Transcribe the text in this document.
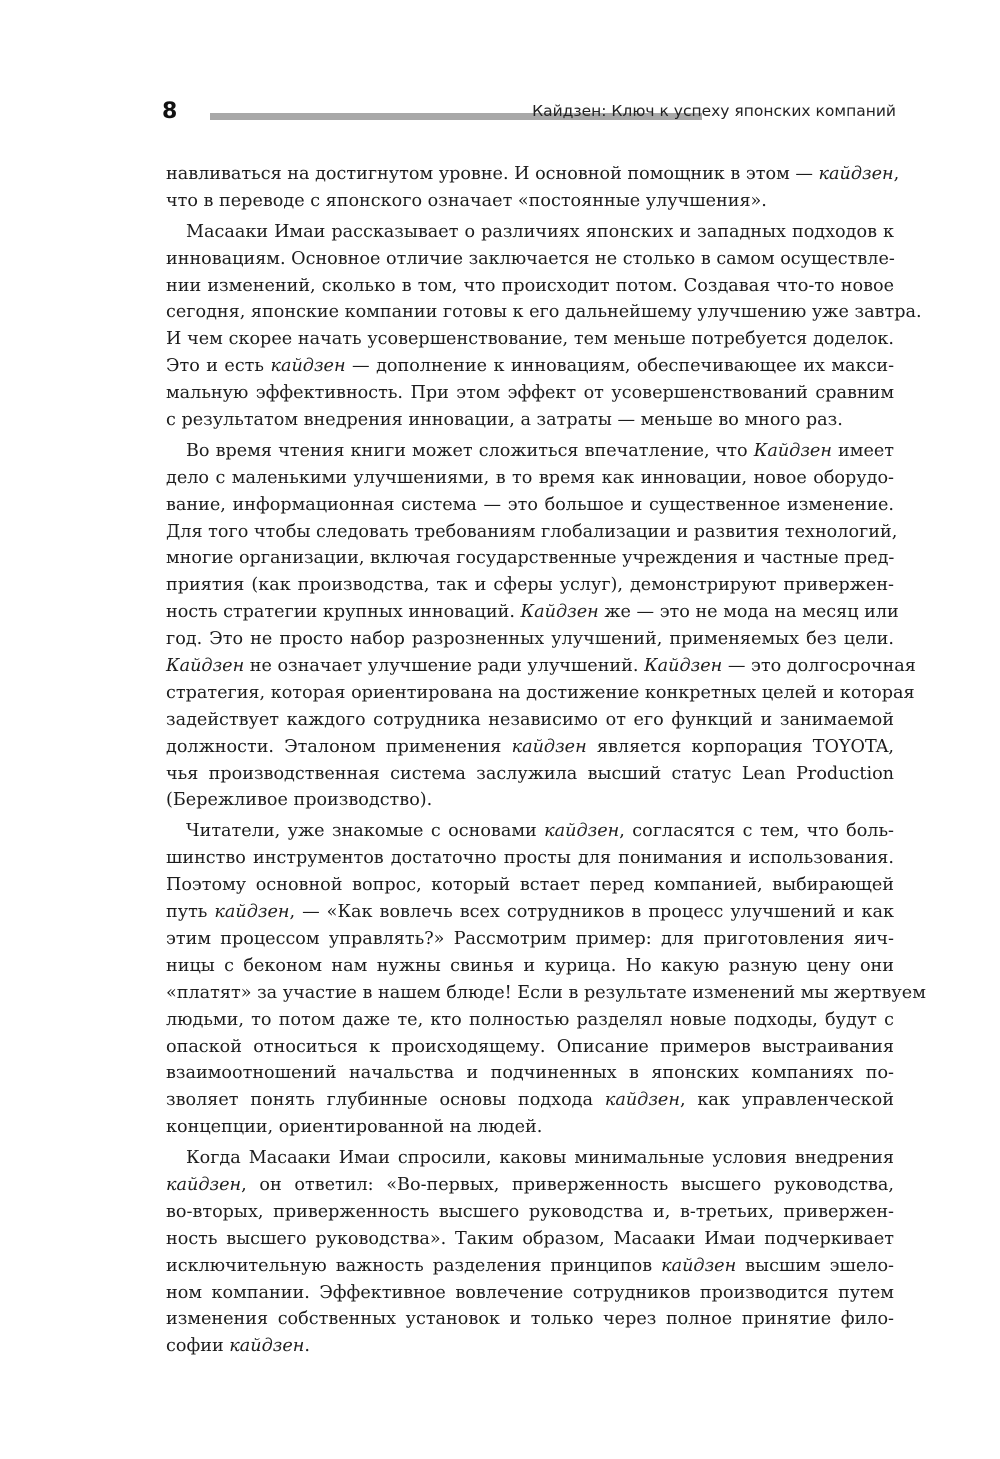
8	Кайдзен: Ключ к успеху японских компаний
навливаться на достигнутом уровне. И основной помощник в этом — кайдзен,
что в переводе с японского означает «постоянные улучшения».
Масааки Имаи рассказывает о различиях японских и западных подходов к
инновациям. Основное отличие заключается не столько в самом осуществле-
нии изменений, сколько в том, что происходит потом. Создавая что-то новое
сегодня, японские компании готовы к его дальнейшему улучшению уже завтра.
И чем скорее начать усовершенствование, тем меньше потребуется доделок.
Это и есть кайдзен — дополнение к инновациям, обеспечивающее их макси-
мальную эффективность. При этом эффект от усовершенствований сравним
с результатом внедрения инновации, а затраты — меньше во много раз.
Во время чтения книги может сложиться впечатление, что Кайдзен имеет
дело с маленькими улучшениями, в то время как инновации, новое оборудо-
вание, информационная система — это большое и существенное изменение.
Для того чтобы следовать требованиям глобализации и развития технологий,
многие организации, включая государственные учреждения и частные пред-
приятия (как производства, так и сферы услуг), демонстрируют привержен-
ность стратегии крупных инноваций. Кайдзен же — это не мода на месяц или
год. Это не просто набор разрозненных улучшений, применяемых без цели.
Кайдзен не означает улучшение ради улучшений. Кайдзен — это долгосрочная
стратегия, которая ориентирована на достижение конкретных целей и которая
задействует каждого сотрудника независимо от его функций и занимаемой
должности. Эталоном применения кайдзен является корпорация TOYOTA,
чья производственная система заслужила высший статус Lean Production
(Бережливое производство).
Читатели, уже знакомые с основами кайдзен, согласятся с тем, что боль-
шинство инструментов достаточно просты для понимания и использования.
Поэтому основной вопрос, который встает перед компанией, выбирающей
путь кайдзен, — «Как вовлечь всех сотрудников в процесс улучшений и как
этим процессом управлять?» Рассмотрим пример: для приготовления яич-
ницы с беконом нам нужны свинья и курица. Но какую разную цену они
«платят» за участие в нашем блюде! Если в результате изменений мы жертвуем
людьми, то потом даже те, кто полностью разделял новые подходы, будут с
опаской относиться к происходящему. Описание примеров выстраивания
взаимоотношений начальства и подчиненных в японских компаниях по-
зволяет понять глубинные основы подхода кайдзен, как управленческой
концепции, ориентированной на людей.
Когда Масааки Имаи спросили, каковы минимальные условия внедрения
кайдзен, он ответил: «Во-первых, приверженность высшего руководства,
во-вторых, приверженность высшего руководства и, в-третьих, привержен-
ность высшего руководства». Таким образом, Масааки Имаи подчеркивает
исключительную важность разделения принципов кайдзен высшим эшело-
ном компании. Эффективное вовлечение сотрудников производится путем
изменения собственных установок и только через полное принятие фило-
софии кайдзен.
